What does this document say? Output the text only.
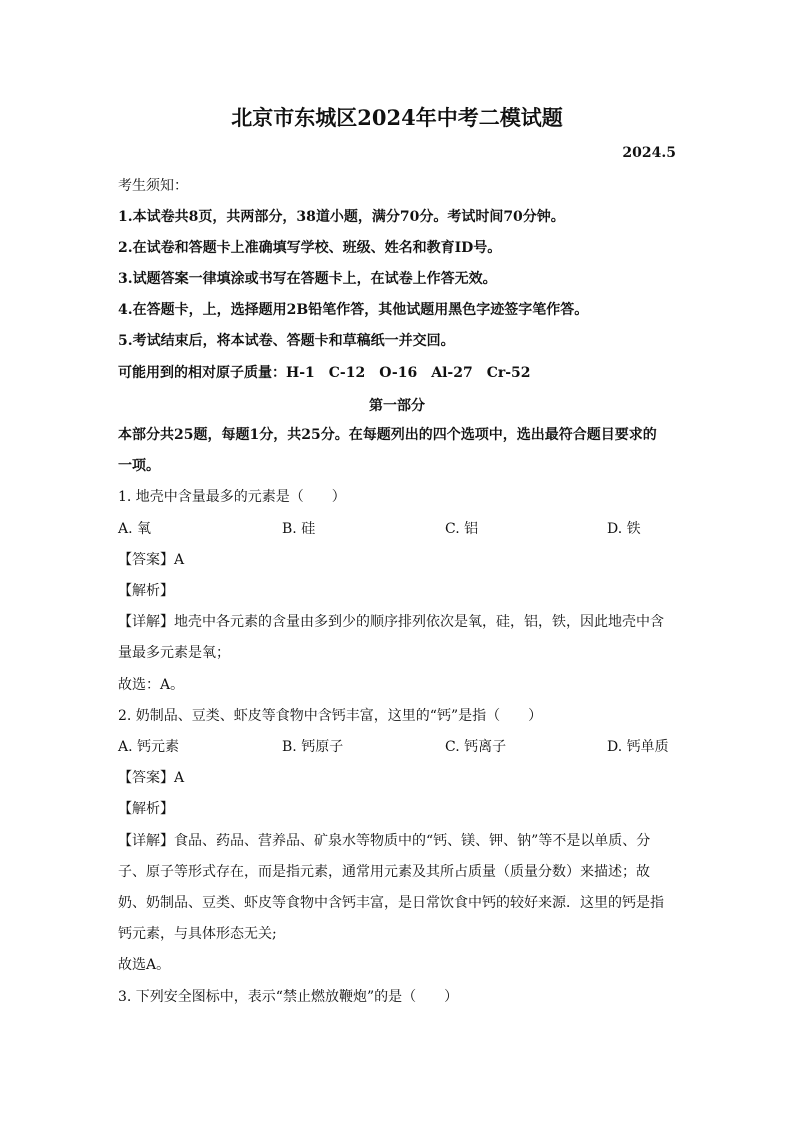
北京市东城区2024年中考二模试题
2024.5
考生须知：
1.本试卷共8页，共两部分，38道小题，满分70分。考试时间70分钟。
2.在试卷和答题卡上准确填写学校、班级、姓名和教育ID号。
3.试题答案一律填涂或书写在答题卡上，在试卷上作答无效。
4.在答题卡，上，选择题用2B铅笔作答，其他试题用黑色字迹签字笔作答。
5.考试结束后，将本试卷、答题卡和草稿纸一并交回。
可能用到的相对原子质量：H-1　C-12　O-16　Al-27　Cr-52
第一部分
本部分共25题，每题1分，共25分。在每题列出的四个选项中，选出最符合题目要求的
一项。
1. 地壳中含量最多的元素是（　　）
A. 氧	B. 硅	C. 铝	D. 铁
【答案】A
【解析】
【详解】地壳中各元素的含量由多到少的顺序排列依次是氧，硅，铝，铁，因此地壳中含
量最多元素是氧；
故选：A。
2. 奶制品、豆类、虾皮等食物中含钙丰富，这里的“钙”是指（　　）
A. 钙元素	B. 钙原子	C. 钙离子	D. 钙单质
【答案】A
【解析】
【详解】食品、药品、营养品、矿泉水等物质中的“钙、镁、钾、钠”等不是以单质、分
子、原子等形式存在，而是指元素，通常用元素及其所占质量（质量分数）来描述；故
奶、奶制品、豆类、虾皮等食物中含钙丰富，是日常饮食中钙的较好来源．这里的钙是指
钙元素，与具体形态无关;
故选A。
3. 下列安全图标中，表示“禁止燃放鞭炮”的是（　　）
